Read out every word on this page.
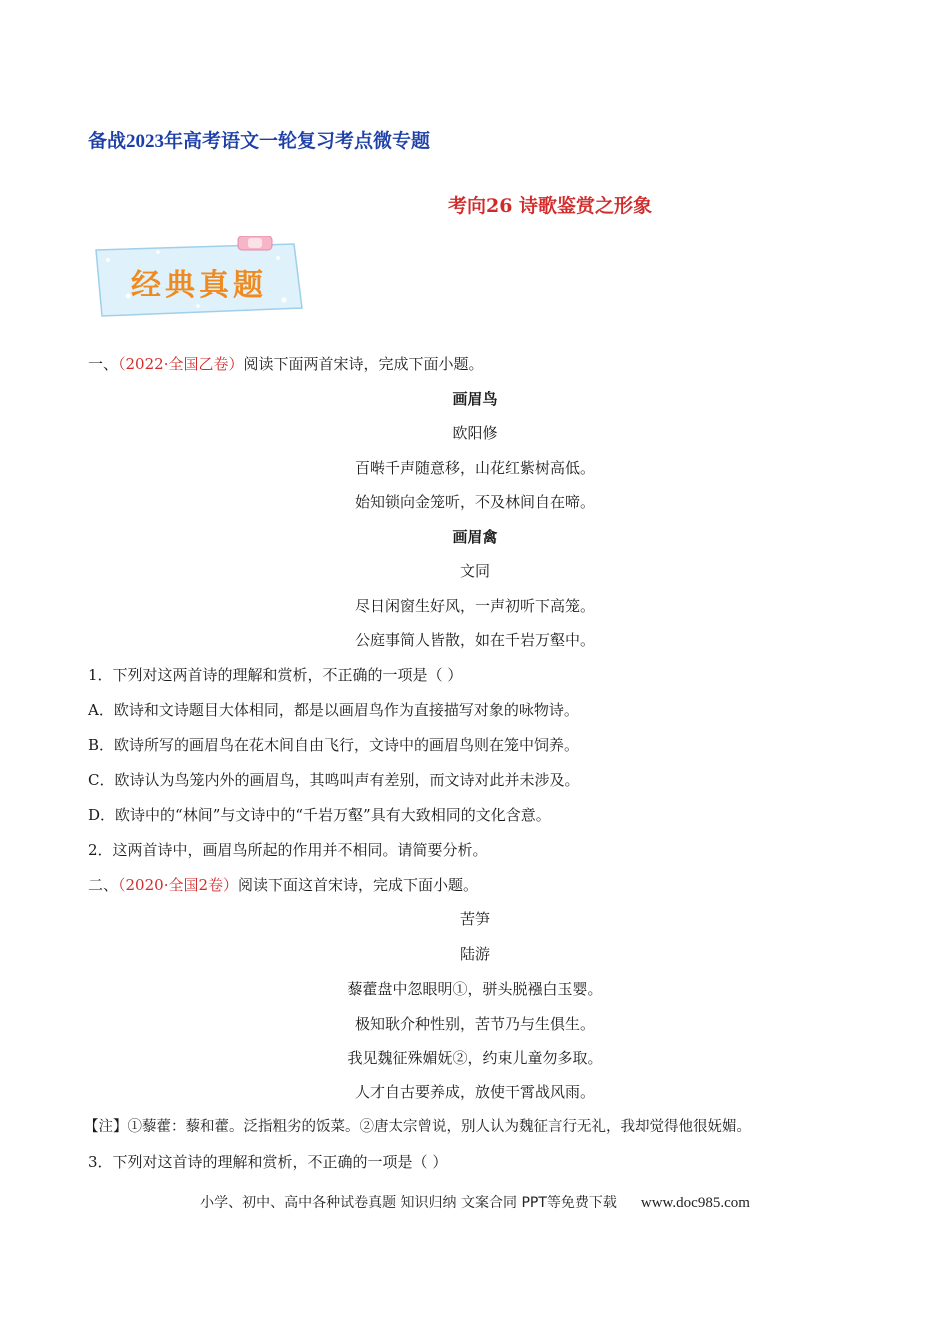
备战2023年高考语文一轮复习考点微专题
考向26 诗歌鉴赏之形象
经典真题
一、（2022·全国乙卷）阅读下面两首宋诗，完成下面小题。
画眉鸟
欧阳修
百啭千声随意移，山花红紫树高低。
始知锁向金笼听，不及林间自在啼。
画眉禽
文同
尽日闲窗生好风，一声初听下高笼。
公庭事简人皆散，如在千岩万壑中。
1．下列对这两首诗的理解和赏析，不正确的一项是（ ）
A．欧诗和文诗题目大体相同，都是以画眉鸟作为直接描写对象的咏物诗。
B．欧诗所写的画眉鸟在花木间自由飞行，文诗中的画眉鸟则在笼中饲养。
C．欧诗认为鸟笼内外的画眉鸟，其鸣叫声有差别，而文诗对此并未涉及。
D．欧诗中的“林间”与文诗中的“千岩万壑”具有大致相同的文化含意。
2．这两首诗中，画眉鸟所起的作用并不相同。请简要分析。
二、（2020·全国2卷）阅读下面这首宋诗，完成下面小题。
苦笋
陆游
藜藿盘中忽眼明①，骈头脱襁白玉婴。
极知耿介种性别，苦节乃与生俱生。
我见魏征殊媚妩②，约束儿童勿多取。
人才自古要养成，放使干霄战风雨。
【注】①藜藿：藜和藿。泛指粗劣的饭菜。②唐太宗曾说，别人认为魏征言行无礼，我却觉得他很妩媚。
3．下列对这首诗的理解和赏析，不正确的一项是（ ）
小学、初中、高中各种试卷真题 知识归纳 文案合同 PPT等免费下载 www.doc985.com
